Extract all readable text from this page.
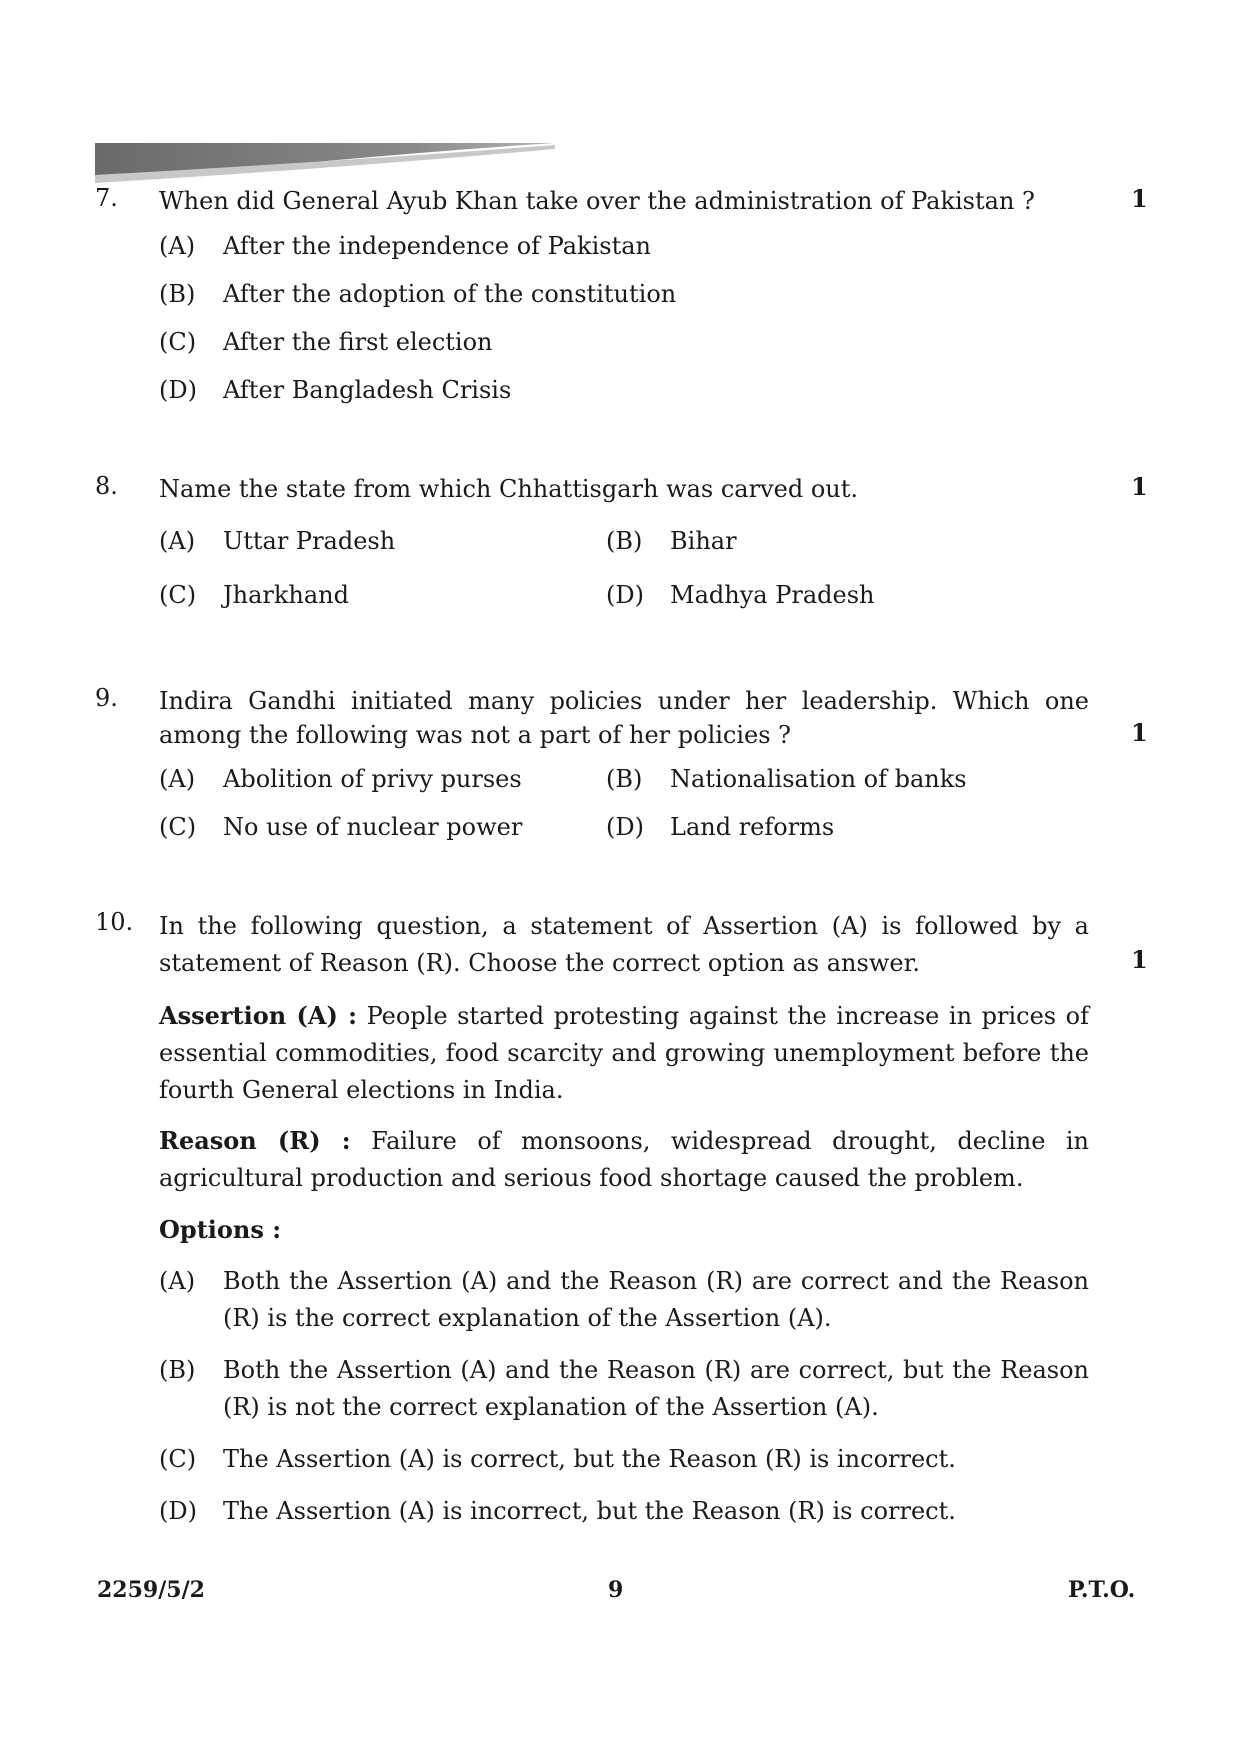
7.	When did General Ayub Khan take over the administration of Pakistan ?	1
(A) After the independence of Pakistan
(B) After the adoption of the constitution
(C) After the first election
(D) After Bangladesh Crisis
8.	Name the state from which Chhattisgarh was carved out.	1
(A) Uttar Pradesh	(B) Bihar
(C) Jharkhand	(D) Madhya Pradesh
9.	Indira Gandhi initiated many policies under her leadership. Which one among the following was not a part of her policies ?	1
(A) Abolition of privy purses	(B) Nationalisation of banks
(C) No use of nuclear power	(D) Land reforms
10.	In the following question, a statement of Assertion (A) is followed by a statement of Reason (R). Choose the correct option as answer.	1
Assertion (A) : People started protesting against the increase in prices of essential commodities, food scarcity and growing unemployment before the fourth General elections in India.
Reason (R) : Failure of monsoons, widespread drought, decline in agricultural production and serious food shortage caused the problem.
Options :
(A) Both the Assertion (A) and the Reason (R) are correct and the Reason (R) is the correct explanation of the Assertion (A).
(B) Both the Assertion (A) and the Reason (R) are correct, but the Reason (R) is not the correct explanation of the Assertion (A).
(C) The Assertion (A) is correct, but the Reason (R) is incorrect.
(D) The Assertion (A) is incorrect, but the Reason (R) is correct.
2259/5/2	9	P.T.O.
